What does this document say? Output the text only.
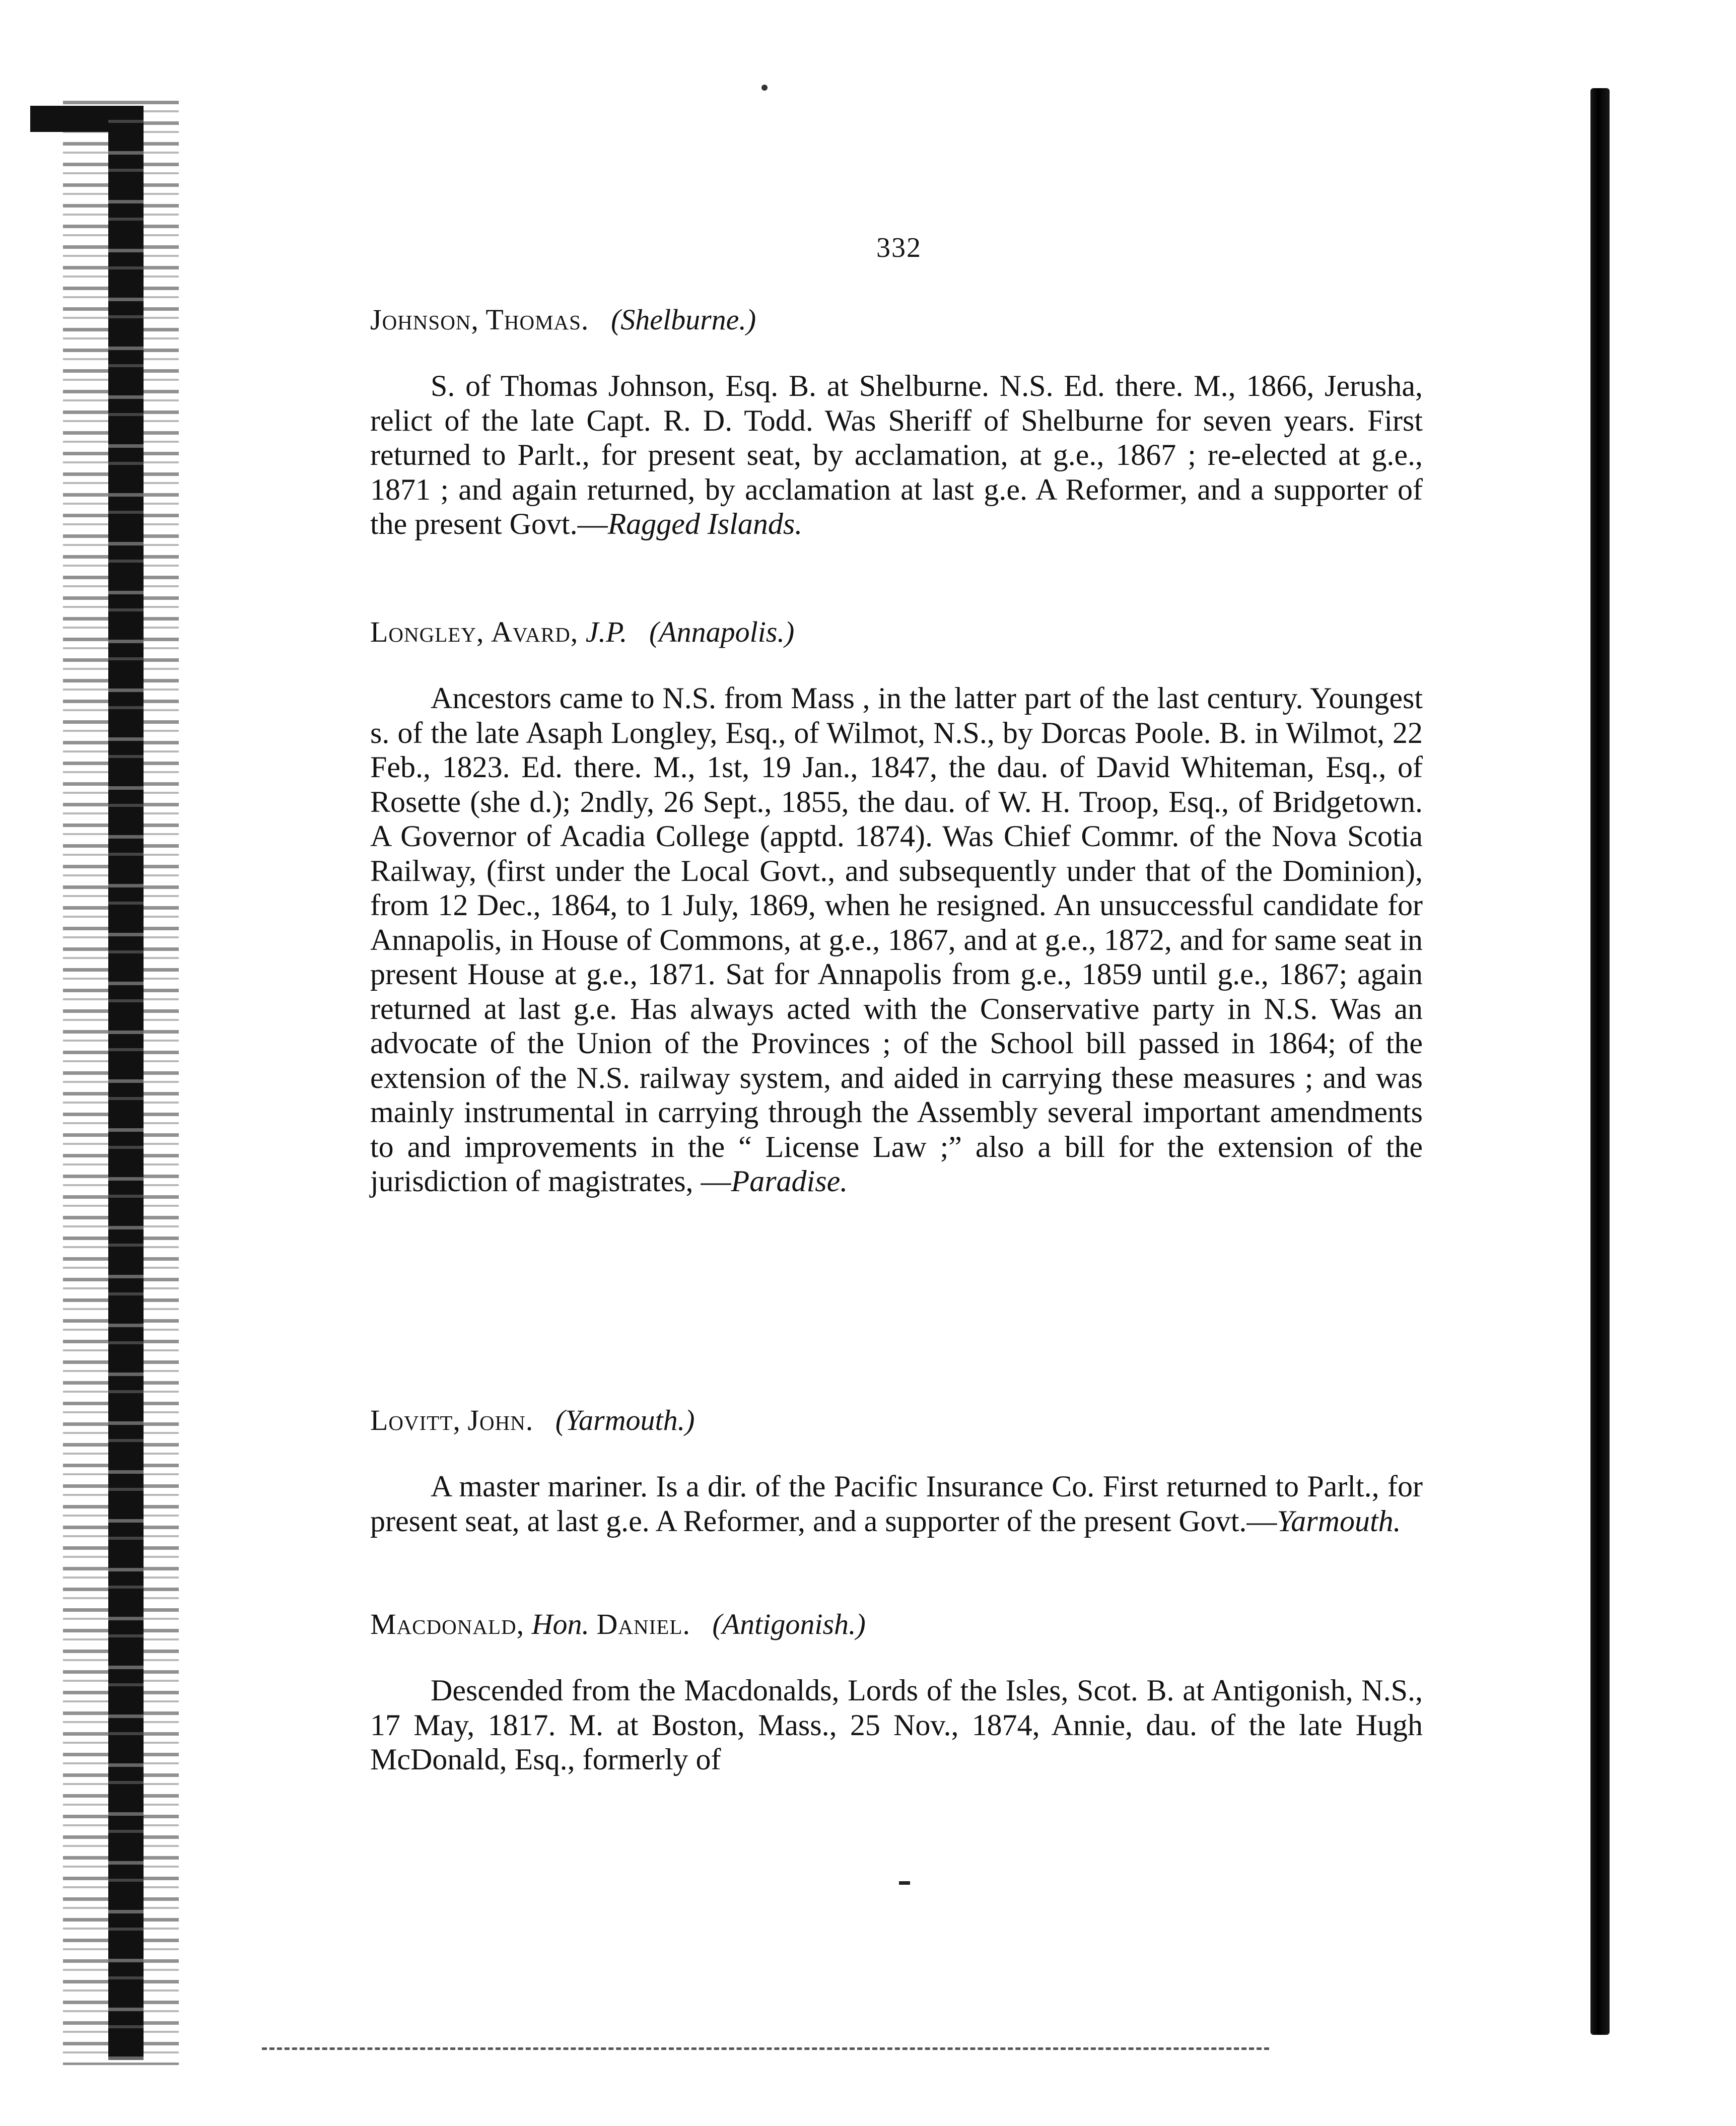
332
Johnson, Thomas. (Shelburne.)
S. of Thomas Johnson, Esq. B. at Shelburne. N.S. Ed. there. M., 1866, Jerusha, relict of the late Capt. R. D. Todd. Was Sheriff of Shelburne for seven years. First returned to Parlt., for present seat, by acclamation, at g.e., 1867 ; re-elected at g.e., 1871 ; and again returned, by acclamation at last g.e. A Reformer, and a supporter of the present Govt.—Ragged Islands.
Longley, Avard, J.P. (Annapolis.)
Ancestors came to N.S. from Mass , in the latter part of the last century. Youngest s. of the late Asaph Longley, Esq., of Wilmot, N.S., by Dorcas Poole. B. in Wilmot, 22 Feb., 1823. Ed. there. M., 1st, 19 Jan., 1847, the dau. of David Whiteman, Esq., of Rosette (she d.); 2ndly, 26 Sept., 1855, the dau. of W. H. Troop, Esq., of Bridgetown. A Governor of Acadia College (apptd. 1874). Was Chief Commr. of the Nova Scotia Railway, (first under the Local Govt., and subsequently under that of the Dominion), from 12 Dec., 1864, to 1 July, 1869, when he resigned. An unsuccessful candidate for Annapolis, in House of Commons, at g.e., 1867, and at g.e., 1872, and for same seat in present House at g.e., 1871. Sat for Annapolis from g.e., 1859 until g.e., 1867; again returned at last g.e. Has always acted with the Conservative party in N.S. Was an advocate of the Union of the Provinces ; of the School bill passed in 1864; of the extension of the N.S. railway system, and aided in carrying these measures ; and was mainly instrumental in carrying through the Assembly several important amendments to and improvements in the “ License Law ;” also a bill for the extension of the jurisdiction of magistrates, —Paradise.
Lovitt, John. (Yarmouth.)
A master mariner. Is a dir. of the Pacific Insurance Co. First returned to Parlt., for present seat, at last g.e. A Reformer, and a supporter of the present Govt.—Yarmouth.
Macdonald, Hon. Daniel. (Antigonish.)
Descended from the Macdonalds, Lords of the Isles, Scot. B. at Antigonish, N.S., 17 May, 1817. M. at Boston, Mass., 25 Nov., 1874, Annie, dau. of the late Hugh McDonald, Esq., formerly of
